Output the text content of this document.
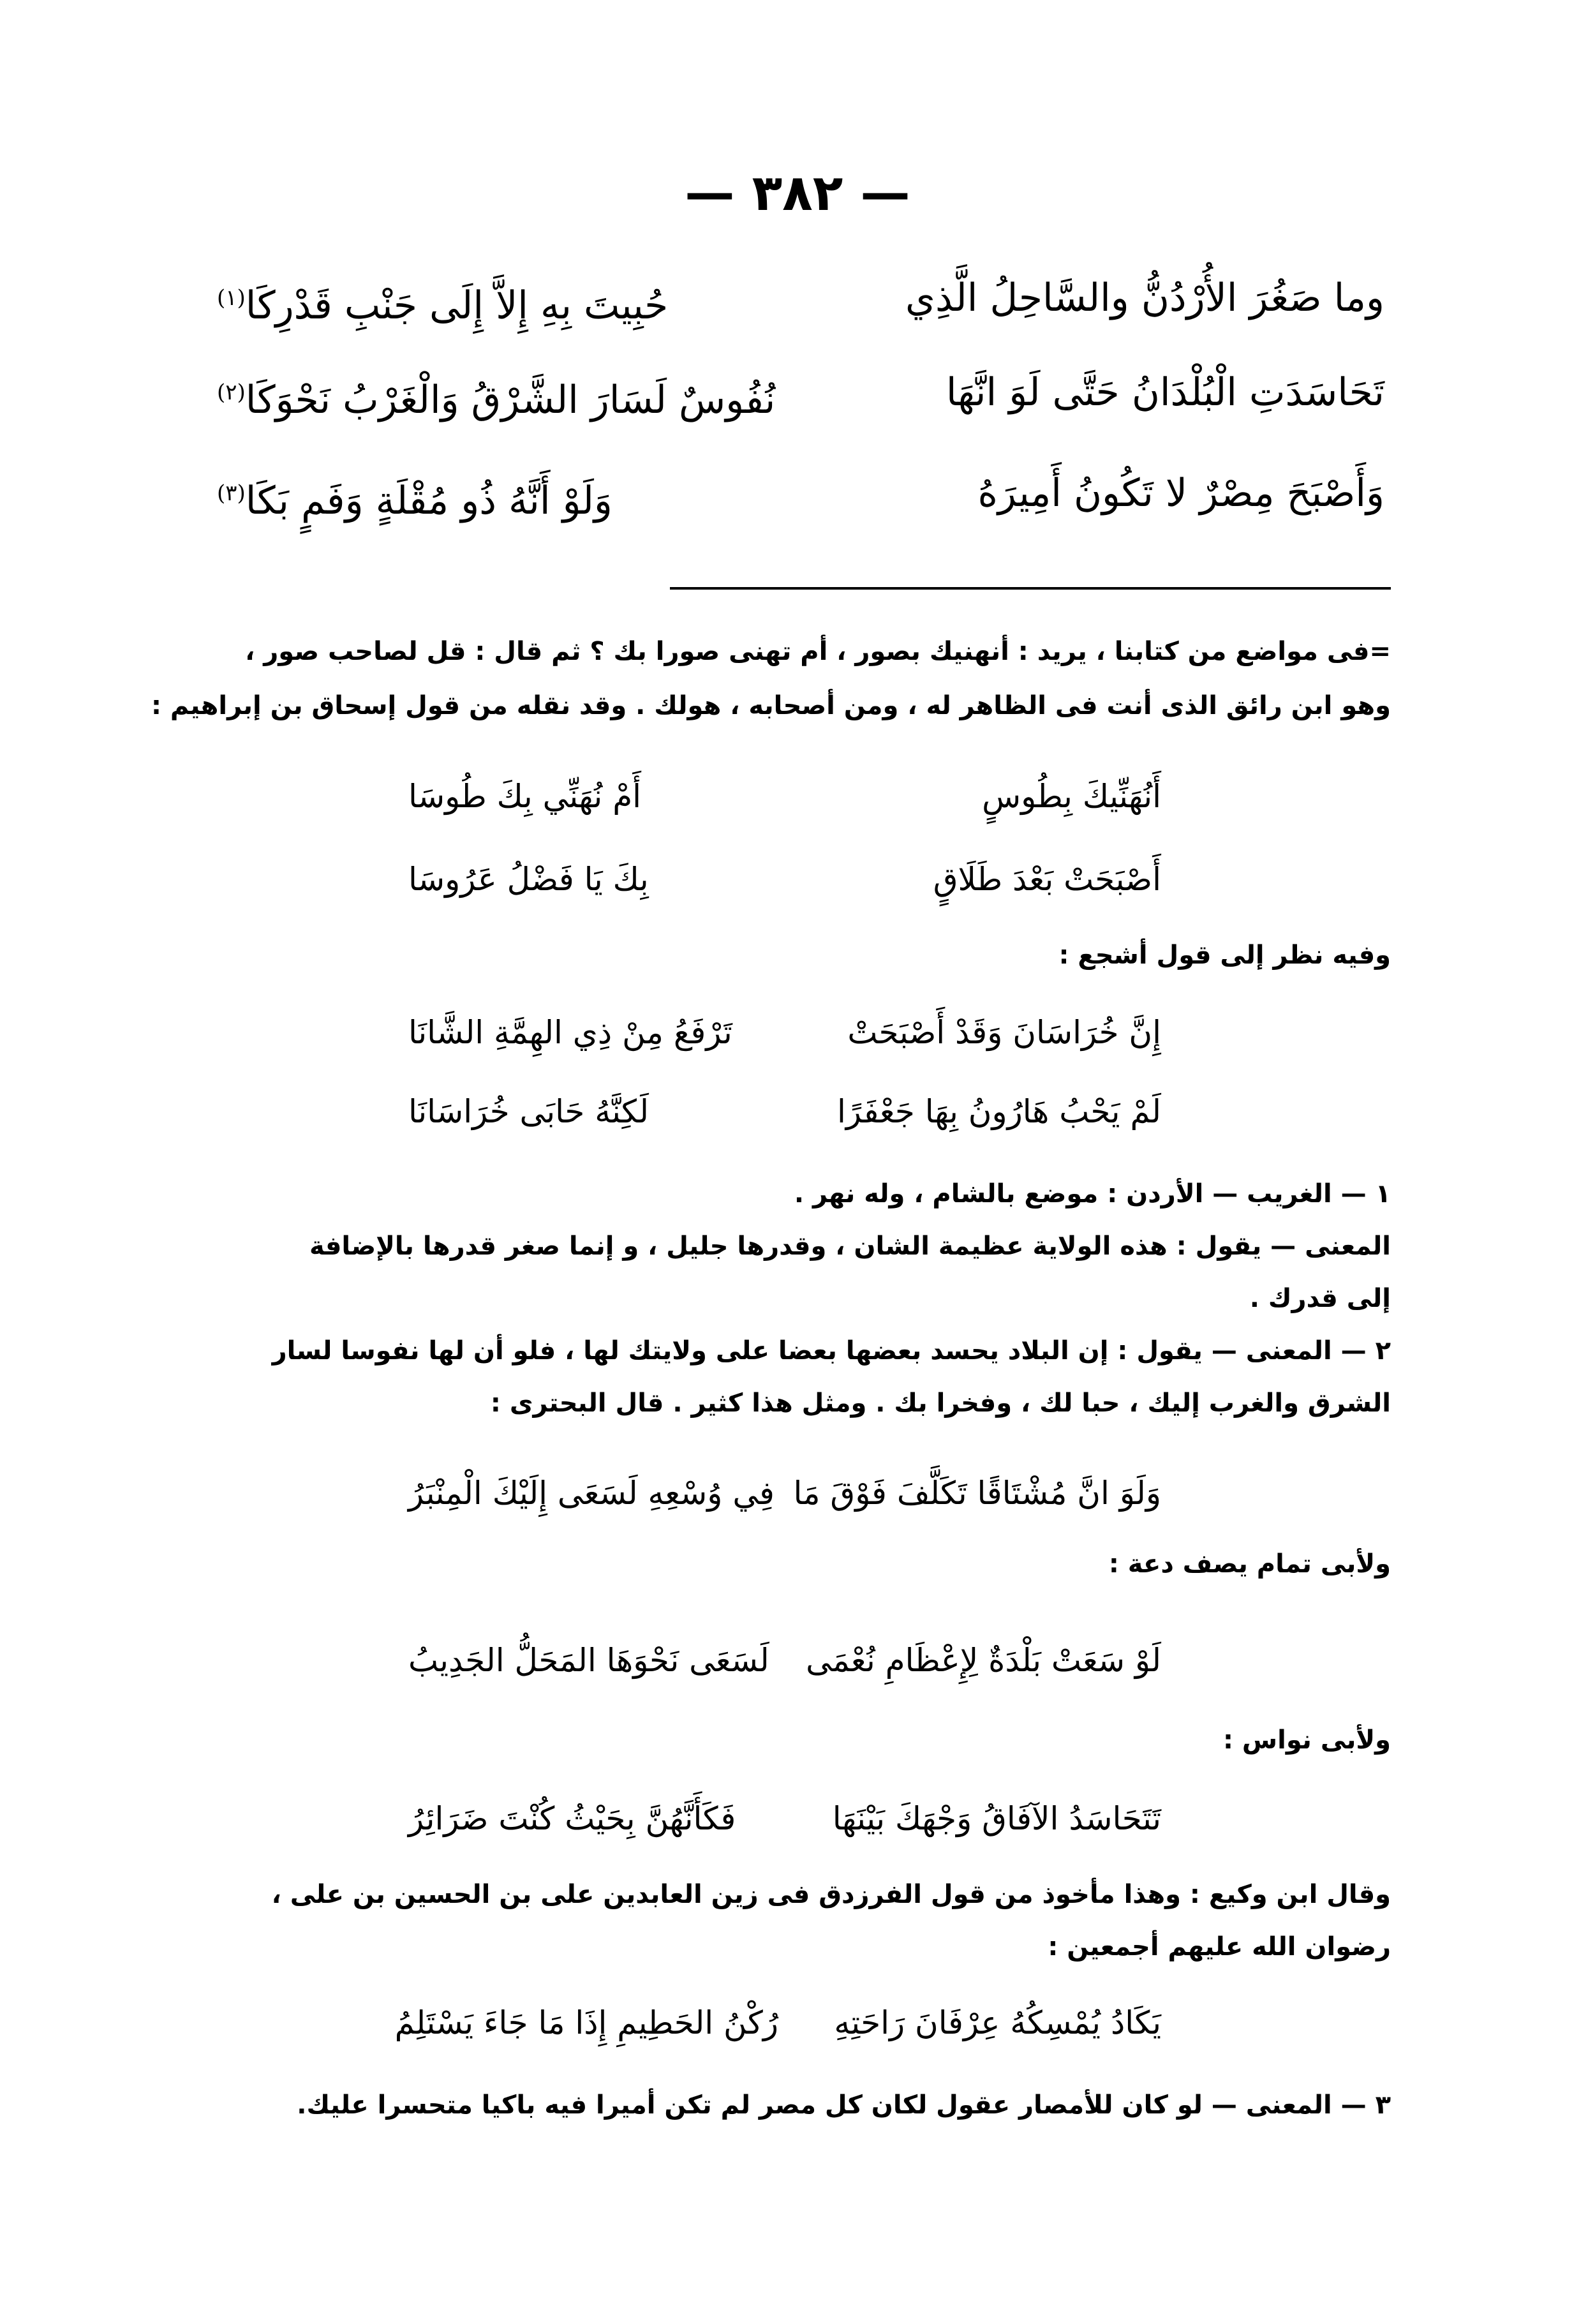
— ٣٨٢ —
وما صَغُرَ الأُرْدُنُّ والسَّاحِلُ الَّذِي
حُبِيتَ بِهِ إِلاَّ إِلَى جَنْبِ قَدْرِكَا$^{(١)}$
تَحَاسَدَتِ الْبُلْدَانُ حَتَّى لَوَ انَّهَا
نُفُوسٌ لَسَارَ الشَّرْقُ وَالْغَرْبُ نَحْوَكَا$^{(٢)}$
وَأَصْبَحَ مِصْرٌ لا تَكُونُ أَمِيرَهُ
وَلَوْ أَنَّهُ ذُو مُقْلَةٍ وَفَمٍ بَكَا$^{(٣)}$
=فى مواضع من كتابنا ، يريد : أنهنيك بصور ، أم تهنى صورا بك ؟ ثم قال : قل لصاحب صور ،
وهو ابن رائق الذى أنت فى الظاهر له ، ومن أصحابه ، هولك . وقد نقله من قول إسحاق بن إبراهيم :
أَنُهَنِّيكَ بِطُوسٍ
أَمْ نُهَنِّي بِكَ طُوسَا
أَصْبَحَتْ بَعْدَ طَلَاقٍ
بِكَ يَا فَضْلُ عَرُوسَا
وفيه نظر إلى قول أشجع :
إِنَّ خُرَاسَانَ وَقَدْ أَصْبَحَتْ
تَرْفَعُ مِنْ ذِي الهِمَّةِ الشَّانَا
لَمْ يَحْبُ هَارُونُ بِهَا جَعْفَرًا
لَكِنَّهُ حَابَى خُرَاسَانَا
١ — الغريب — الأردن : موضع بالشام ، وله نهر .
المعنى — يقول : هذه الولاية عظيمة الشان ، وقدرها جليل ، و إنما صغر قدرها بالإضافة
إلى قدرك .
٢ — المعنى — يقول : إن البلاد يحسد بعضها بعضا على ولايتك لها ، فلو أن لها نفوسا لسار
الشرق والغرب إليك ، حبا لك ، وفخرا بك . ومثل هذا كثير . قال البحترى :
وَلَوَ انَّ مُشْتَاقًا تَكَلَّفَ فَوْقَ مَا
فِي وُسْعِهِ لَسَعَى إِلَيْكَ الْمِنْبَرُ
ولأبى تمام يصف دعة :
لَوْ سَعَتْ بَلْدَةٌ لِإِعْظَامِ نُعْمَى
لَسَعَى نَحْوَهَا المَحَلُّ الجَدِيبُ
ولأبى نواس :
تَتَحَاسَدُ الآفَاقُ وَجْهَكَ بَيْنَهَا
فَكَأَنَّهُنَّ بِحَيْثُ كُنْتَ ضَرَائِرُ
وقال ابن وكيع : وهذا مأخوذ من قول الفرزدق فى زين العابدين على بن الحسين بن على ،
رضوان الله عليهم أجمعين :
يَكَادُ يُمْسِكُهُ عِرْفَانَ رَاحَتِهِ
رُكْنُ الحَطِيمِ إِذَا مَا جَاءَ يَسْتَلِمُ
٣ — المعنى — لو كان للأمصار عقول لكان كل مصر لم تكن أميرا فيه باكيا متحسرا عليك.
